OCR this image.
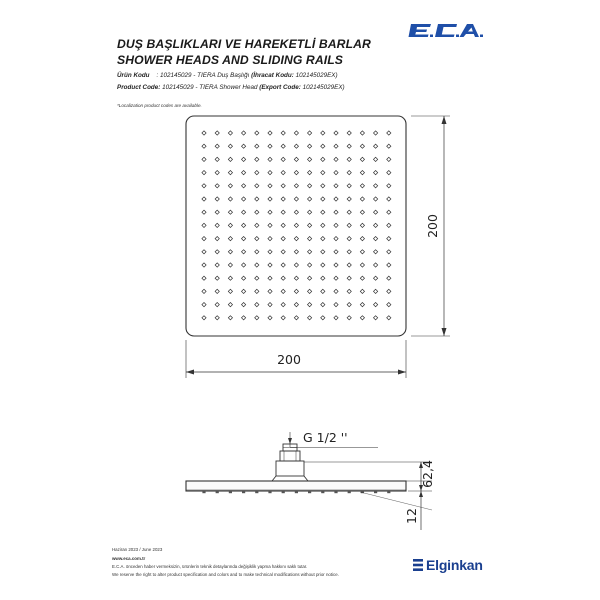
DUŞ BAŞLIKLARI VE HAREKETLİ BARLAR
SHOWER HEADS AND SLIDING RAILS
Ürün Kodu : 102145029 - TIERA Duş Başlığı (İhracat Kodu: 102145029EX)
Product Code: 102145029 - TIERA Shower Head (Export Code: 102145029EX)
*Localization product codes are available.
200
200
G 1/2 ''
62,4
12
Haziran 2023 / June 2023
www.eca.com.tr
E.C.A. önceden haber vermeksizin, ürünlerin teknik detaylarında değişiklik yapma hakkını saklı tutar.
We reserve the right to alter product specification and colors and to make technical modifications without prior notice.
Elginkan
